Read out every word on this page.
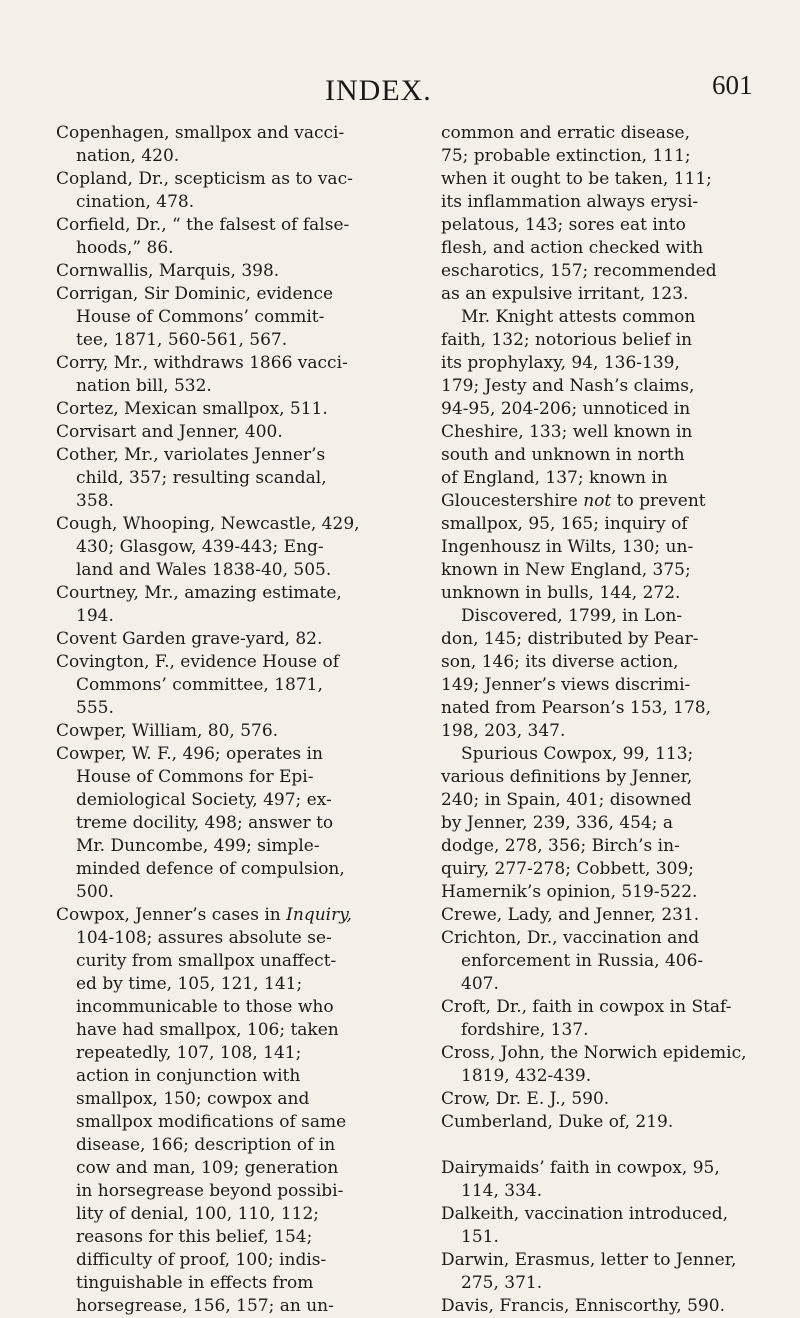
INDEX.	601
Copenhagen, smallpox and vacci-
nation, 420.
Copland, Dr., scepticism as to vac-
cination, 478.
Corfield, Dr., “ the falsest of false-
hoods,” 86.
Cornwallis, Marquis, 398.
Corrigan, Sir Dominic, evidence
House of Commons’ commit-
tee, 1871, 560-561, 567.
Corry, Mr., withdraws 1866 vacci-
nation bill, 532.
Cortez, Mexican smallpox, 511.
Corvisart and Jenner, 400.
Cother, Mr., variolates Jenner’s
child, 357; resulting scandal,
358.
Cough, Whooping, Newcastle, 429,
430; Glasgow, 439-443; Eng-
land and Wales 1838-40, 505.
Courtney, Mr., amazing estimate,
194.
Covent Garden grave-yard, 82.
Covington, F., evidence House of
Commons’ committee, 1871,
555.
Cowper, William, 80, 576.
Cowper, W. F., 496; operates in
House of Commons for Epi-
demiological Society, 497; ex-
treme docility, 498; answer to
Mr. Duncombe, 499; simple-
minded defence of compulsion,
500.
Cowpox, Jenner’s cases in Inquiry,
104-108; assures absolute se-
curity from smallpox unaffect-
ed by time, 105, 121, 141;
incommunicable to those who
have had smallpox, 106; taken
repeatedly, 107, 108, 141;
action in conjunction with
smallpox, 150; cowpox and
smallpox modifications of same
disease, 166; description of in
cow and man, 109; generation
in horsegrease beyond possibi-
lity of denial, 100, 110, 112;
reasons for this belief, 154;
difficulty of proof, 100; indis-
tinguishable in effects from
horsegrease, 156, 157; an un-
common and erratic disease,
75; probable extinction, 111;
when it ought to be taken, 111;
its inflammation always erysi-
pelatous, 143; sores eat into
flesh, and action checked with
escharotics, 157; recommended
as an expulsive irritant, 123.
Mr. Knight attests common
faith, 132; notorious belief in
its prophylaxy, 94, 136-139,
179; Jesty and Nash’s claims,
94-95, 204-206; unnoticed in
Cheshire, 133; well known in
south and unknown in north
of England, 137; known in
Gloucestershire not to prevent
smallpox, 95, 165; inquiry of
Ingenhousz in Wilts, 130; un-
known in New England, 375;
unknown in bulls, 144, 272.
Discovered, 1799, in Lon-
don, 145; distributed by Pear-
son, 146; its diverse action,
149; Jenner’s views discrimi-
nated from Pearson’s 153, 178,
198, 203, 347.
Spurious Cowpox, 99, 113;
various definitions by Jenner,
240; in Spain, 401; disowned
by Jenner, 239, 336, 454; a
dodge, 278, 356; Birch’s in-
quiry, 277-278; Cobbett, 309;
Hamernik’s opinion, 519-522.
Crewe, Lady, and Jenner, 231.
Crichton, Dr., vaccination and
enforcement in Russia, 406-
407.
Croft, Dr., faith in cowpox in Staf-
fordshire, 137.
Cross, John, the Norwich epidemic,
1819, 432-439.
Crow, Dr. E. J., 590.
Cumberland, Duke of, 219.
Dairymaids’ faith in cowpox, 95,
114, 334.
Dalkeith, vaccination introduced,
151.
Darwin, Erasmus, letter to Jenner,
275, 371.
Davis, Francis, Enniscorthy, 590.
